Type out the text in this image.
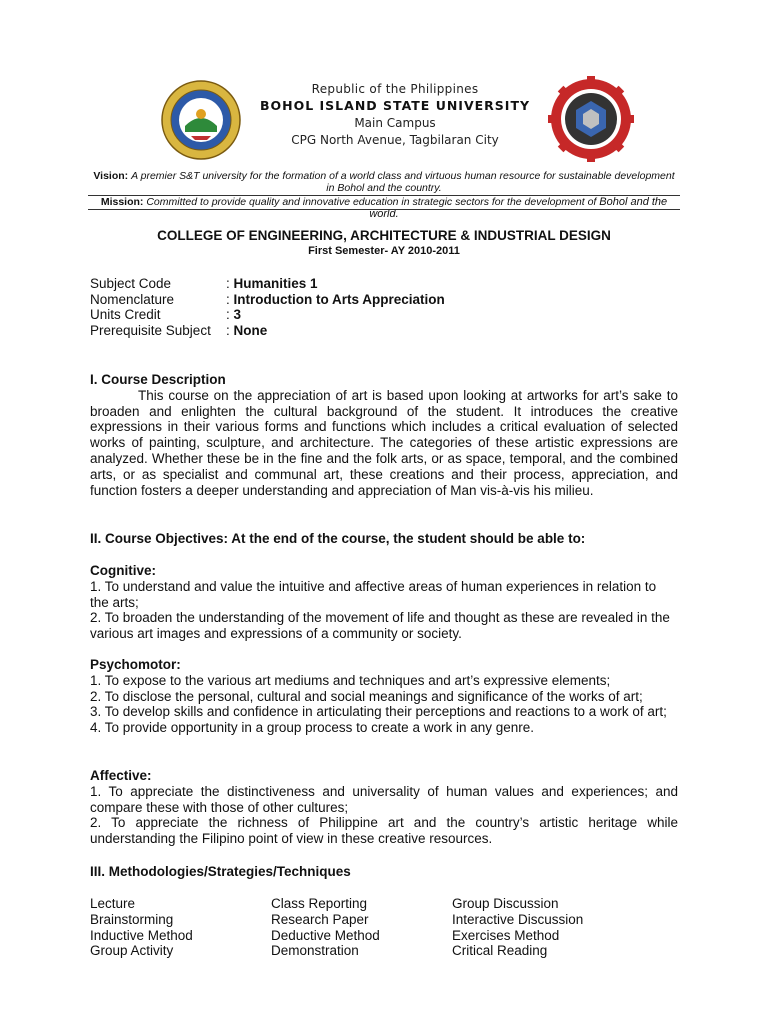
Republic of the Philippines
BOHOL ISLAND STATE UNIVERSITY
Main Campus
CPG North Avenue, Tagbilaran City
Vision: A premier S&T university for the formation of a world class and virtuous human resource for sustainable development in Bohol and the country.
Mission: Committed to provide quality and innovative education in strategic sectors for the development of Bohol and the world.
COLLEGE OF ENGINEERING, ARCHITECTURE & INDUSTRIAL DESIGN
First Semester- AY 2010-2011
Subject Code	: Humanities 1
Nomenclature	: Introduction to Arts Appreciation
Units Credit	: 3
Prerequisite Subject	: None
I. Course Description
This course on the appreciation of art is based upon looking at artworks for art’s sake to broaden and enlighten the cultural background of the student. It introduces the creative expressions in their various forms and functions which includes a critical evaluation of selected works of painting, sculpture, and architecture. The categories of these artistic expressions are analyzed. Whether these be in the fine and the folk arts, or as space, temporal, and the combined arts, or as specialist and communal art, these creations and their process, appreciation, and function fosters a deeper understanding and appreciation of Man vis-à-vis his milieu.
II. Course Objectives: At the end of the course, the student should be able to:
Cognitive:
1. To understand and value the intuitive and affective areas of human experiences in relation to the arts;
2. To broaden the understanding of the movement of life and thought as these are revealed in the various art images and expressions of a community or society.
Psychomotor:
1. To expose to the various art mediums and techniques and art’s expressive elements;
2. To disclose the personal, cultural and social meanings and significance of the works of art;
3. To develop skills and confidence in articulating their perceptions and reactions to a work of art;
4. To provide opportunity in a group process to create a work in any genre.
Affective:
1. To appreciate the distinctiveness and universality of human values and experiences; and compare these with those of other cultures;
2. To appreciate the richness of Philippine art and the country’s artistic heritage while understanding the Filipino point of view in these creative resources.
III. Methodologies/Strategies/Techniques
Lecture	Class Reporting	Group Discussion
Brainstorming	Research Paper	Interactive Discussion
Inductive Method	Deductive Method	Exercises Method
Group Activity	Demonstration	Critical Reading
